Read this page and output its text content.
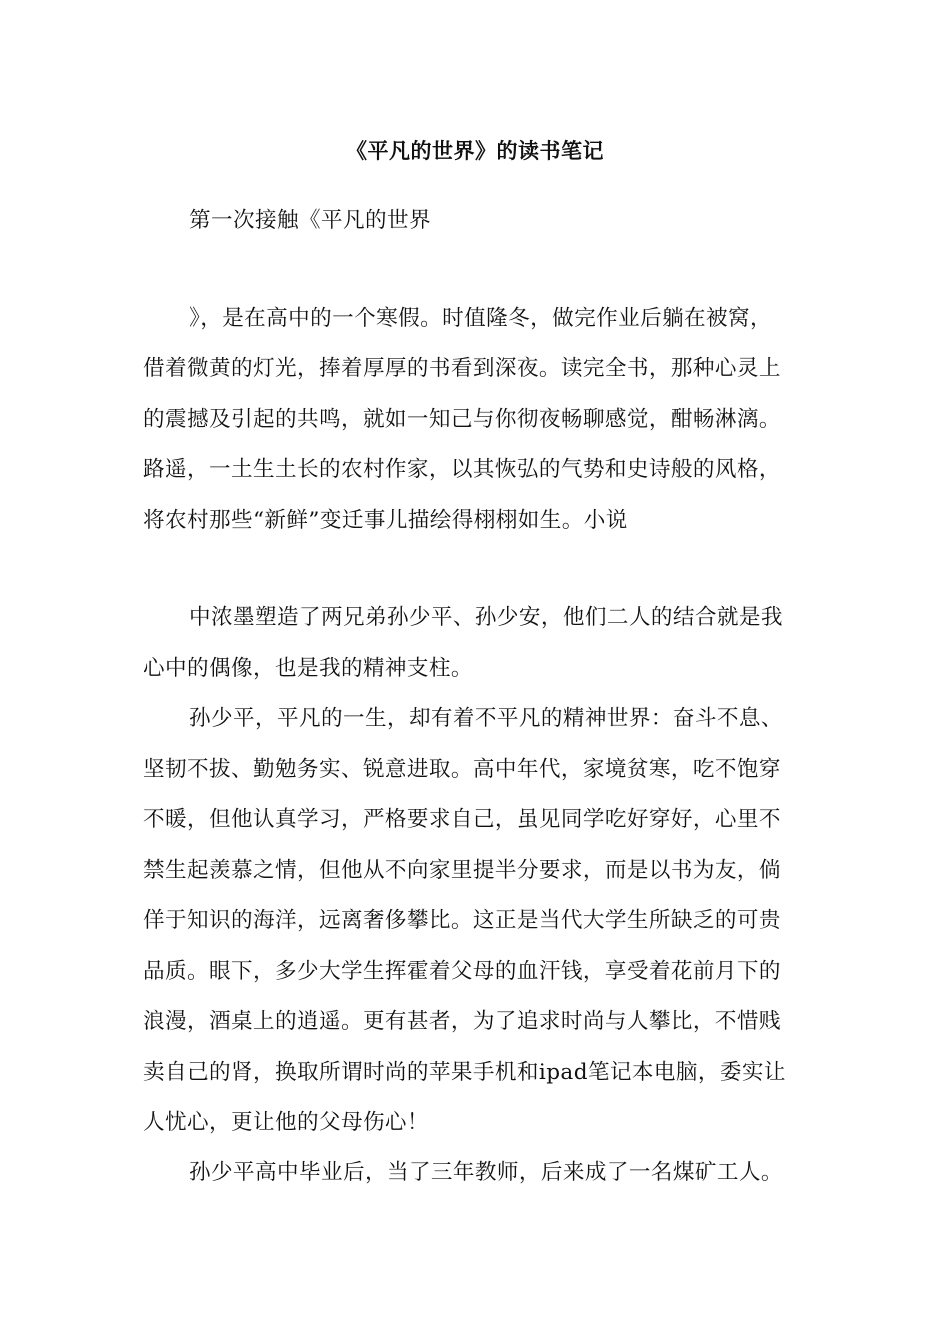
《平凡的世界》的读书笔记
第一次接触《平凡的世界
》，是在高中的一个寒假。时值隆冬，做完作业后躺在被窝，
借着微黄的灯光，捧着厚厚的书看到深夜。读完全书，那种心灵上
的震撼及引起的共鸣，就如一知己与你彻夜畅聊感觉，酣畅淋漓。
路遥，一土生土长的农村作家，以其恢弘的气势和史诗般的风格，
将农村那些“新鲜”变迁事儿描绘得栩栩如生。小说
中浓墨塑造了两兄弟孙少平、孙少安，他们二人的结合就是我
心中的偶像，也是我的精神支柱。
孙少平，平凡的一生，却有着不平凡的精神世界：奋斗不息、
坚韧不拔、勤勉务实、锐意进取。高中年代，家境贫寒，吃不饱穿
不暖，但他认真学习，严格要求自己，虽见同学吃好穿好，心里不
禁生起羡慕之情，但他从不向家里提半分要求，而是以书为友，倘
佯于知识的海洋，远离奢侈攀比。这正是当代大学生所缺乏的可贵
品质。眼下，多少大学生挥霍着父母的血汗钱，享受着花前月下的
浪漫，酒桌上的逍遥。更有甚者，为了追求时尚与人攀比，不惜贱
卖自己的肾，换取所谓时尚的苹果手机和ipad笔记本电脑，委实让
人忧心，更让他的父母伤心！
孙少平高中毕业后，当了三年教师，后来成了一名煤矿工人。
